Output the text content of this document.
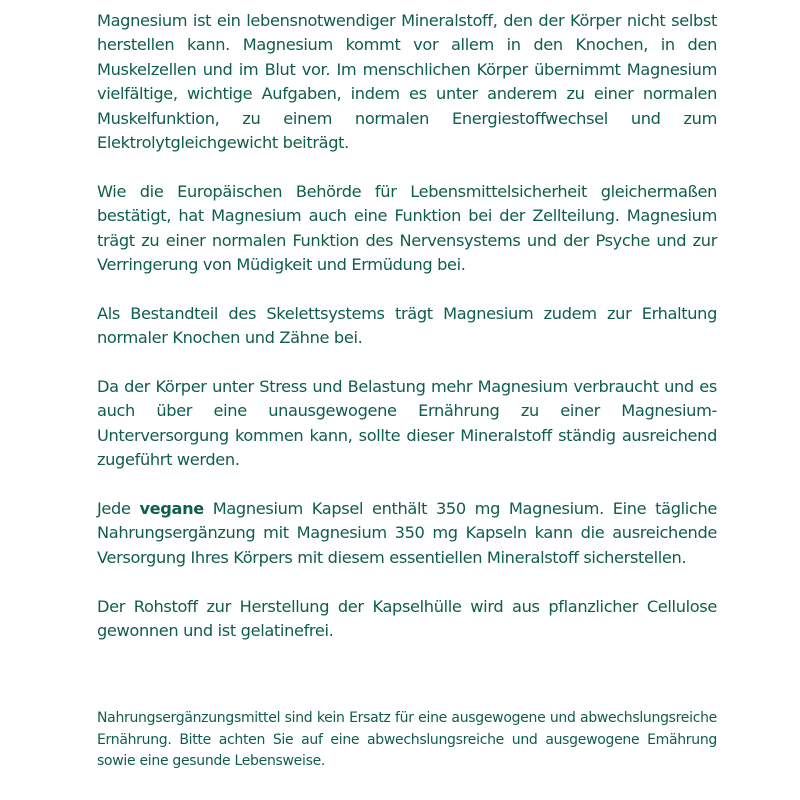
Magnesium ist ein lebensnotwendiger Mineralstoff, den der Körper nicht selbst herstellen kann. Magnesium kommt vor allem in den Knochen, in den Muskelzellen und im Blut vor. Im menschlichen Körper übernimmt Magnesium vielfältige, wichtige Aufgaben, indem es unter anderem zu einer normalen Muskelfunktion, zu einem normalen Energiestoffwechsel und zum Elektrolytgleichgewicht beiträgt.

Wie die Europäischen Behörde für Lebensmittelsicherheit gleichermaßen bestätigt, hat Magnesium auch eine Funktion bei der Zellteilung. Magnesium trägt zu einer normalen Funktion des Nervensystems und der Psyche und zur Verringerung von Müdigkeit und Ermüdung bei.

Als Bestandteil des Skelettsystems trägt Magnesium zudem zur Erhaltung normaler Knochen und Zähne bei.

Da der Körper unter Stress und Belastung mehr Magnesium verbraucht und es auch über eine unausgewogene Ernährung zu einer Magnesium-Unterversorgung kommen kann, sollte dieser Mineralstoff ständig ausreichend zugeführt werden.

Jede vegane Magnesium Kapsel enthält 350 mg Magnesium. Eine tägliche Nahrungsergänzung mit Magnesium 350 mg Kapseln kann die ausreichende Versorgung Ihres Körpers mit diesem essentiellen Mineralstoff sicherstellen.

Der Rohstoff zur Herstellung der Kapselhülle wird aus pflanzlicher Cellulose gewonnen und ist gelatinefrei.

Nahrungsergänzungsmittel sind kein Ersatz für eine ausgewogene und abwechslungsreiche Ernährung. Bitte achten Sie auf eine abwechslungsreiche und ausgewogene Emährung sowie eine gesunde Lebensweise.
